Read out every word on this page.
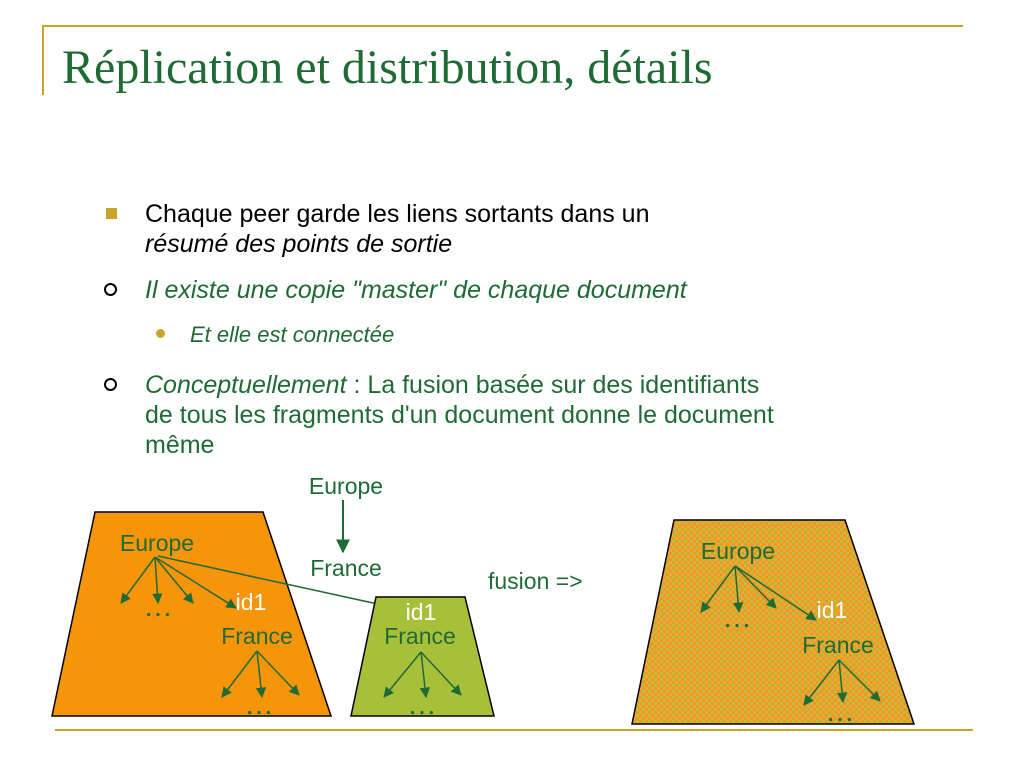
Réplication et distribution, détails
Chaque peer garde les liens sortants dans un
résumé des points de sortie
Il existe une copie "master" de chaque document
Et elle est connectée
Conceptuellement : La fusion basée sur des identifiants
de tous les fragments d'un document donne le document
même
Europe
France
Europe
…	id1
France
…
id1
France
…
fusion =>
Europe
…	id1
France
…
